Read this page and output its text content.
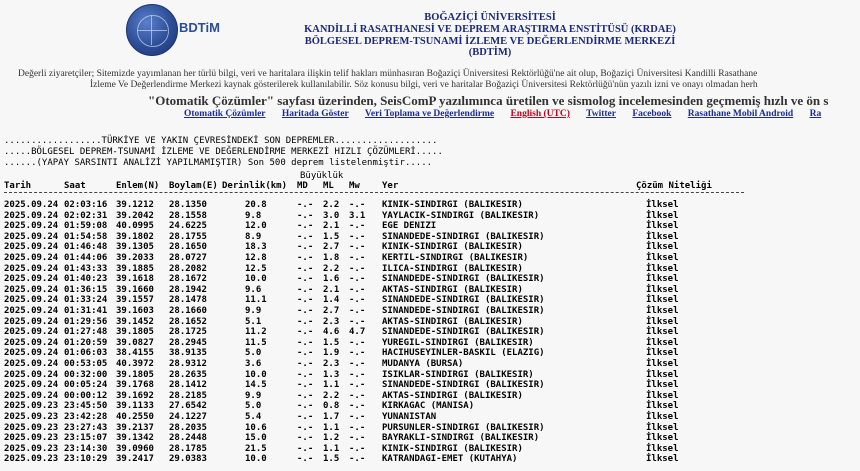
BDTiM
BOĞAZİÇİ ÜNİVERSİTESİ
KANDİLLİ RASATHANESİ VE DEPREM ARAŞTIRMA ENSTİTÜSÜ (KRDAE)
BÖLGESEL DEPREM-TSUNAMİ İZLEME VE DEĞERLENDİRME MERKEZİ (BDTİM)
Değerli ziyaretçiler; Sitemizde yayımlanan her türlü bilgi, veri ve haritalara ilişkin telif hakları münhasıran Boğaziçi Üniversitesi Rektörlüğü'ne ait olup, Boğaziçi Üniversitesi Kandilli Rasathane
İzleme Ve Değerlendirme Merkezi kaynak gösterilerek kullanılabilir. Söz konusu bilgi, veri ve haritalar Boğaziçi Üniversitesi Rektörlüğü'nün yazılı izni ve onayı olmadan herh
"Otomatik Çözümler" sayfası üzerinden, SeisComP yazılımınca üretilen ve sismolog incelemesinden geçmemiş hızlı ve ön s
Otomatik Çözümler Haritada Göster Veri Toplama ve Değerlendirme English (UTC) Twitter Facebook Rasathane Mobil Android Ra
..................TÜRKİYE VE YAKIN ÇEVRESİNDEKİ SON DEPREMLER...................
.....BÖLGESEL DEPREM-TSUNAMİ İZLEME VE DEĞERLENDİRME MERKEZİ HIZLI ÇÖZÜMLERİ.....
......(YAPAY SARSINTI ANALİZİ YAPILMAMIŞTIR) Son 500 deprem listelenmiştir.....
Büyüklük
Tarih	Saat	Enlem(N) Boylam(E) Derinlik(km) MD ML Mw Yer	Çözüm Niteliği
2025.09.24 02:03:16 39.1212 28.1350	20.8	-.- 2.2 -.- KINIK-SINDIRGI (BALIKESIR)	İlksel
2025.09.24 02:02:31 39.2042 28.1558	9.8	-.- 3.0 3.1 YAYLACIK-SINDIRGI (BALIKESIR)	İlksel
2025.09.24 01:59:08 40.0995 24.6225	12.0	-.- 2.1 -.- EGE DENIZI	İlksel
2025.09.24 01:54:58 39.1802 28.1755	8.9	-.- 1.5 -.- SINANDEDE-SINDIRGI (BALIKESIR)	İlksel
2025.09.24 01:46:48 39.1305 28.1650	18.3	-.- 2.7 -.- KINIK-SINDIRGI (BALIKESIR)	İlksel
2025.09.24 01:44:06 39.2033 28.0727	12.8	-.- 1.8 -.- KERTIL-SINDIRGI (BALIKESIR)	İlksel
2025.09.24 01:43:33 39.1885 28.2082	12.5	-.- 2.2 -.- ILICA-SINDIRGI (BALIKESIR)	İlksel
2025.09.24 01:40:23 39.1618 28.1672	10.0	-.- 1.6 -.- SINANDEDE-SINDIRGI (BALIKESIR)	İlksel
2025.09.24 01:36:15 39.1660 28.1942	9.6	-.- 2.1 -.- AKTAS-SINDIRGI (BALIKESIR)	İlksel
2025.09.24 01:33:24 39.1557 28.1478	11.1	-.- 1.4 -.- SINANDEDE-SINDIRGI (BALIKESIR)	İlksel
2025.09.24 01:31:41 39.1603 28.1660	9.9	-.- 2.7 -.- SINANDEDE-SINDIRGI (BALIKESIR)	İlksel
2025.09.24 01:29:56 39.1452 28.1652	5.1	-.- 2.3 -.- AKTAS-SINDIRGI (BALIKESIR)	İlksel
2025.09.24 01:27:48 39.1805 28.1725	11.2	-.- 4.6 4.7 SINANDEDE-SINDIRGI (BALIKESIR)	İlksel
2025.09.24 01:20:59 39.0827 28.2945	11.5	-.- 1.5 -.- YUREGIL-SINDIRGI (BALIKESIR)	İlksel
2025.09.24 01:06:03 38.4155 38.9135	5.0	-.- 1.9 -.- HACIHUSEYINLER-BASKIL (ELAZIG)	İlksel
2025.09.24 00:53:05 40.3972 28.9312	3.6	-.- 2.3 -.- MUDANYA (BURSA)	İlksel
2025.09.24 00:32:00 39.1805 28.2635	10.0	-.- 1.3 -.- ISIKLAR-SINDIRGI (BALIKESIR)	İlksel
2025.09.24 00:05:24 39.1768 28.1412	14.5	-.- 1.1 -.- SINANDEDE-SINDIRGI (BALIKESIR)	İlksel
2025.09.24 00:00:12 39.1692 28.2185	9.9	-.- 2.2 -.- AKTAS-SINDIRGI (BALIKESIR)	İlksel
2025.09.23 23:45:50 39.1133 27.6542	5.0	-.- 0.8 -.- KIRKAGAC (MANISA)	İlksel
2025.09.23 23:42:28 40.2550 24.1227	5.4	-.- 1.7 -.- YUNANISTAN	İlksel
2025.09.23 23:27:43 39.2137 28.2035	10.6	-.- 1.1 -.- PURSUNLER-SINDIRGI (BALIKESIR)	İlksel
2025.09.23 23:15:07 39.1342 28.2448	15.0	-.- 1.2 -.- BAYRAKLI-SINDIRGI (BALIKESIR)	İlksel
2025.09.23 23:14:30 39.0960 28.1785	21.5	-.- 1.1 -.- KINIK-SINDIRGI (BALIKESIR)	İlksel
2025.09.23 23:10:29 39.2417 29.0383	10.0	-.- 1.5 -.- KATRANDAGI-EMET (KUTAHYA)	İlksel
